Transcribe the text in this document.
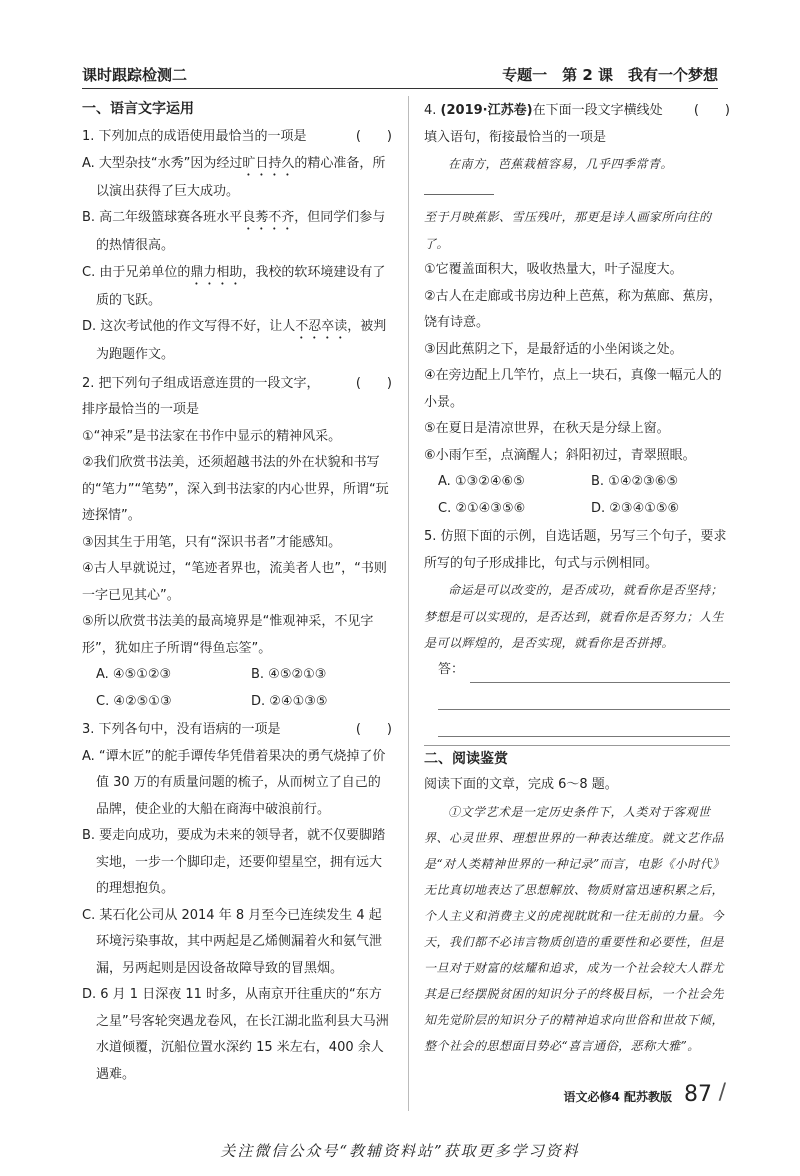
课时跟踪检测二	专题一　第 2 课　我有一个梦想
一、语言文字运用
1. 下列加点的成语使用最恰当的一项是	(　　)
A. 大型杂技“水秀”因为经过旷日持久的精心准备，所以演出获得了巨大成功。
B. 高二年级篮球赛各班水平良莠不齐，但同学们参与的热情很高。
C. 由于兄弟单位的鼎力相助，我校的软环境建设有了质的飞跃。
D. 这次考试他的作文写得不好，让人不忍卒读，被判为跑题作文。
2. 把下列句子组成语意连贯的一段文字，排序最恰当的一项是
(　　)
①“神采”是书法家在书作中显示的精神风采。
②我们欣赏书法美，还须超越书法的外在状貌和书写的“笔力”“笔势”，深入到书法家的内心世界，所谓“玩迹探情”。
③因其生于用笔，只有“深识书者”才能感知。
④古人早就说过，“笔迹者界也，流美者人也”，“书则一字已见其心”。
⑤所以欣赏书法美的最高境界是“惟观神采，不见字形”，犹如庄子所谓“得鱼忘筌”。
A. ④⑤①②③	B. ④⑤②①③
C. ④②⑤①③	D. ②④①③⑤
3. 下列各句中，没有语病的一项是	(　　)
A. “谭木匠”的舵手谭传华凭借着果决的勇气烧掉了价值 30 万的有质量问题的梳子，从而树立了自己的品牌，使企业的大船在商海中破浪前行。
B. 要走向成功，要成为未来的领导者，就不仅要脚踏实地，一步一个脚印走，还要仰望星空，拥有远大的理想抱负。
C. 某石化公司从 2014 年 8 月至今已连续发生 4 起环境污染事故，其中两起是乙烯侧漏着火和氨气泄漏，另两起则是因设备故障导致的冒黑烟。
D. 6 月 1 日深夜 11 时多，从南京开往重庆的“东方之星”号客轮突遇龙卷风，在长江湖北监利县大马洲水道倾覆，沉船位置水深约 15 米左右，400 余人遇难。
4. (2019·江苏卷)在下面一段文字横线处填入语句，衔接最恰当的一项是
(　　)

在南方，芭蕉栽植容易，几乎四季常青。

至于月映蕉影、雪压残叶，那更是诗人画家所向往的了。

①它覆盖面积大，吸收热量大，叶子湿度大。
②古人在走廊或书房边种上芭蕉，称为蕉廊、蕉房，饶有诗意。
③因此蕉阴之下，是最舒适的小坐闲谈之处。
④在旁边配上几竿竹，点上一块石，真像一幅元人的小景。
⑤在夏日是清凉世界，在秋天是分绿上窗。
⑥小雨乍至，点滴醒人；斜阳初过，青翠照眼。
A. ①③②④⑥⑤	B. ①④②③⑥⑤
C. ②①④③⑤⑥	D. ②③④①⑤⑥
5. 仿照下面的示例，自选话题，另写三个句子，要求所写的句子形成排比，句式与示例相同。
命运是可以改变的，是否成功，就看你是否坚持；梦想是可以实现的，是否达到，就看你是否努力；人生是可以辉煌的，是否实现，就看你是否拼搏。
答：
二、阅读鉴赏
阅读下面的文章，完成 6～8 题。
①文学艺术是一定历史条件下，人类对于客观世界、心灵世界、理想世界的一种表达维度。就文艺作品是“对人类精神世界的一种记录”而言，电影《小时代》无比真切地表达了思想解放、物质财富迅速积累之后，个人主义和消费主义的虎视眈眈和一往无前的力量。今天，我们都不必讳言物质创造的重要性和必要性，但是一旦对于财富的炫耀和追求，成为一个社会较大人群尤其是已经摆脱贫困的知识分子的终极目标，一个社会先知先觉阶层的知识分子的精神追求向世俗和世故下倾，整个社会的思想面目势必“喜言通俗，恶称大雅”。
语文必修4 配苏教版 87 /
关注微信公众号“教辅资料站”获取更多学习资料
